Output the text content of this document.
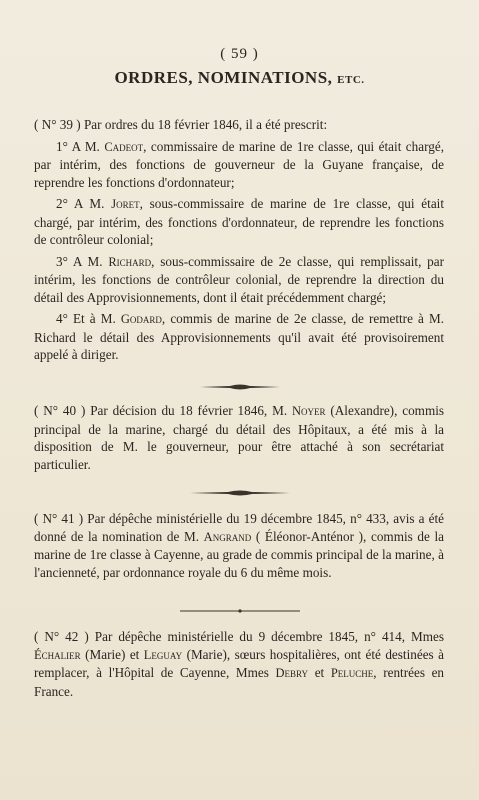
( 59 )
ORDRES, NOMINATIONS, ETC.

( N° 39 ) Par ordres du 18 février 1846, il a été prescrit:

1° A M. Cadeot, commissaire de marine de 1re classe, qui était chargé, par intérim, des fonctions de gouverneur de la Guyane française, de reprendre les fonctions d'ordonnateur;

2° A M. Joret, sous-commissaire de marine de 1re classe, qui était chargé, par intérim, des fonctions d'ordonnateur, de reprendre les fonctions de contrôleur colonial;

3° A M. Richard, sous-commissaire de 2e classe, qui remplissait, par intérim, les fonctions de contrôleur colonial, de reprendre la direction du détail des Approvisionnements, dont il était précédemment chargé;

4° Et à M. Godard, commis de marine de 2e classe, de remettre à M. Richard le détail des Approvisionnements qu'il avait été provisoirement appelé à diriger.

( N° 40 ) Par décision du 18 février 1846, M. Noyer (Alexandre), commis principal de la marine, chargé du détail des Hôpitaux, a été mis à la disposition de M. le gouverneur, pour être attaché à son secrétariat particulier.

( N° 41 ) Par dépêche ministérielle du 19 décembre 1845, n° 433, avis a été donné de la nomination de M. Angrand ( Éléonor-Anténor ), commis de la marine de 1re classe à Cayenne, au grade de commis principal de la marine, à l'ancienneté, par ordonnance royale du 6 du même mois.

( N° 42 ) Par dépêche ministérielle du 9 décembre 1845, n° 414, Mmes Échalier (Marie) et Leguay (Marie), sœurs hospitalières, ont été destinées à remplacer, à l'Hôpital de Cayenne, Mmes Debry et Peluche, rentrées en France.
